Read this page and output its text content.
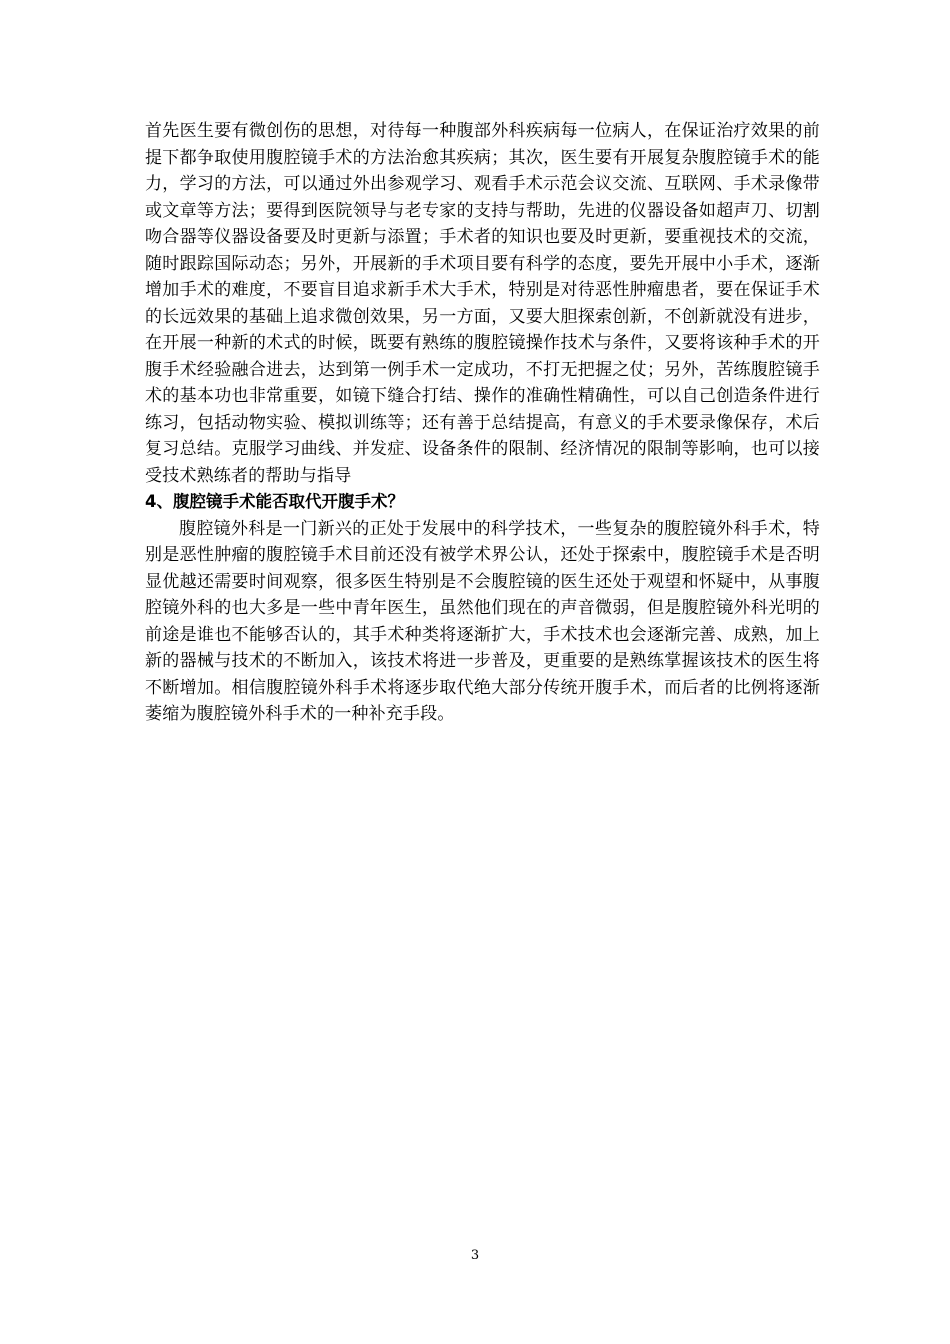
首先医生要有微创伤的思想，对待每一种腹部外科疾病每一位病人，在保证治疗效果的前提下都争取使用腹腔镜手术的方法治愈其疾病；其次，医生要有开展复杂腹腔镜手术的能力，学习的方法，可以通过外出参观学习、观看手术示范会议交流、互联网、手术录像带或文章等方法；要得到医院领导与老专家的支持与帮助，先进的仪器设备如超声刀、切割吻合器等仪器设备要及时更新与添置；手术者的知识也要及时更新，要重视技术的交流，随时跟踪国际动态；另外，开展新的手术项目要有科学的态度，要先开展中小手术，逐渐增加手术的难度，不要盲目追求新手术大手术，特别是对待恶性肿瘤患者，要在保证手术的长远效果的基础上追求微创效果，另一方面，又要大胆探索创新，不创新就没有进步，在开展一种新的术式的时候，既要有熟练的腹腔镜操作技术与条件，又要将该种手术的开腹手术经验融合进去，达到第一例手术一定成功，不打无把握之仗；另外，苦练腹腔镜手术的基本功也非常重要，如镜下缝合打结、操作的准确性精确性，可以自己创造条件进行练习，包括动物实验、模拟训练等；还有善于总结提高，有意义的手术要录像保存，术后复习总结。克服学习曲线、并发症、设备条件的限制、经济情况的限制等影响，也可以接受技术熟练者的帮助与指导

4、腹腔镜手术能否取代开腹手术？

腹腔镜外科是一门新兴的正处于发展中的科学技术，一些复杂的腹腔镜外科手术，特别是恶性肿瘤的腹腔镜手术目前还没有被学术界公认，还处于探索中，腹腔镜手术是否明显优越还需要时间观察，很多医生特别是不会腹腔镜的医生还处于观望和怀疑中，从事腹腔镜外科的也大多是一些中青年医生，虽然他们现在的声音微弱，但是腹腔镜外科光明的前途是谁也不能够否认的，其手术种类将逐渐扩大，手术技术也会逐渐完善、成熟，加上新的器械与技术的不断加入，该技术将进一步普及，更重要的是熟练掌握该技术的医生将不断增加。相信腹腔镜外科手术将逐步取代绝大部分传统开腹手术，而后者的比例将逐渐萎缩为腹腔镜外科手术的一种补充手段。

3
